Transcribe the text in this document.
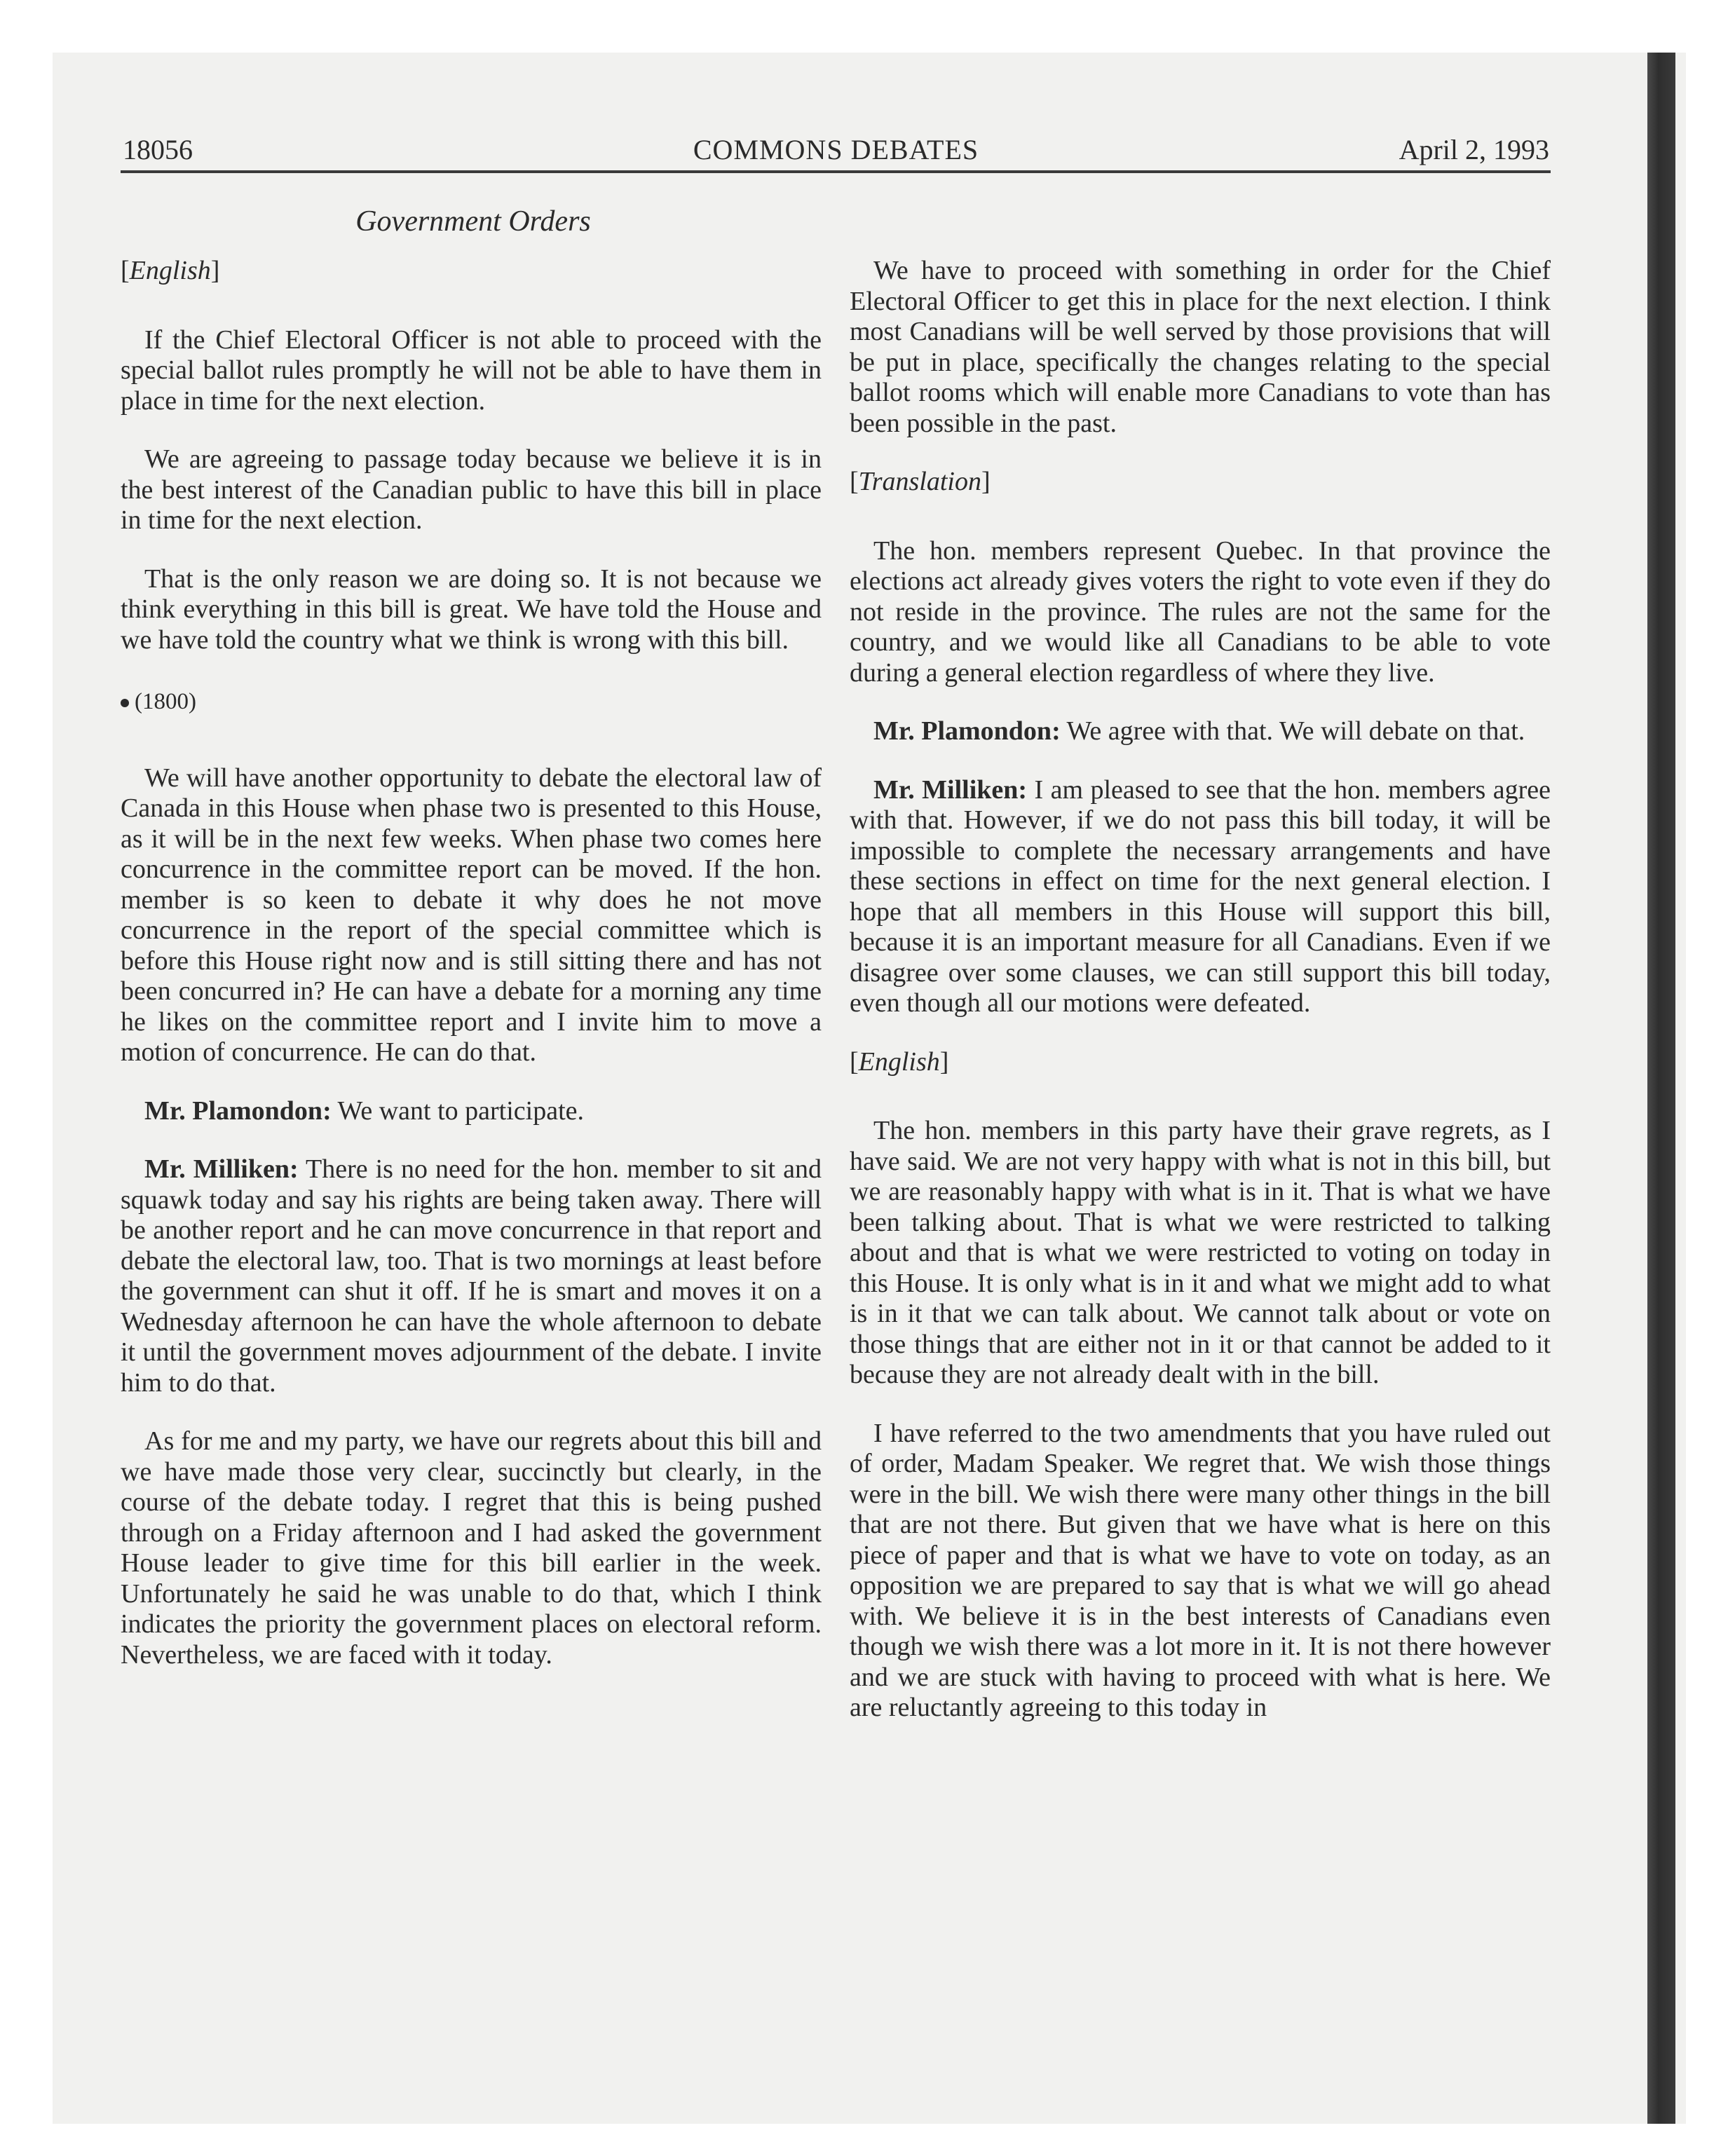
18056	COMMONS DEBATES	April 2, 1993
Government Orders

[English]

If the Chief Electoral Officer is not able to proceed with the special ballot rules promptly he will not be able to have them in place in time for the next election.

We are agreeing to passage today because we believe it is in the best interest of the Canadian public to have this bill in place in time for the next election.

That is the only reason we are doing so. It is not because we think everything in this bill is great. We have told the House and we have told the country what we think is wrong with this bill.

(1800)

We will have another opportunity to debate the electoral law of Canada in this House when phase two is presented to this House, as it will be in the next few weeks. When phase two comes here concurrence in the committee report can be moved. If the hon. member is so keen to debate it why does he not move concurrence in the report of the special committee which is before this House right now and is still sitting there and has not been concurred in? He can have a debate for a morning any time he likes on the committee report and I invite him to move a motion of concurrence. He can do that.

Mr. Plamondon: We want to participate.

Mr. Milliken: There is no need for the hon. member to sit and squawk today and say his rights are being taken away. There will be another report and he can move concurrence in that report and debate the electoral law, too. That is two mornings at least before the government can shut it off. If he is smart and moves it on a Wednesday afternoon he can have the whole afternoon to debate it until the government moves adjournment of the debate. I invite him to do that.

As for me and my party, we have our regrets about this bill and we have made those very clear, succinctly but clearly, in the course of the debate today. I regret that this is being pushed through on a Friday afternoon and I had asked the government House leader to give time for this bill earlier in the week. Unfortunately he said he was unable to do that, which I think indicates the priority the government places on electoral reform. Nevertheless, we are faced with it today.

We have to proceed with something in order for the Chief Electoral Officer to get this in place for the next election. I think most Canadians will be well served by those provisions that will be put in place, specifically the changes relating to the special ballot rooms which will enable more Canadians to vote than has been possible in the past.

[Translation]

The hon. members represent Quebec. In that province the elections act already gives voters the right to vote even if they do not reside in the province. The rules are not the same for the country, and we would like all Canadians to be able to vote during a general election regardless of where they live.

Mr. Plamondon: We agree with that. We will debate on that.

Mr. Milliken: I am pleased to see that the hon. members agree with that. However, if we do not pass this bill today, it will be impossible to complete the necessary arrangements and have these sections in effect on time for the next general election. I hope that all members in this House will support this bill, because it is an important measure for all Canadians. Even if we disagree over some clauses, we can still support this bill today, even though all our motions were defeated.

[English]

The hon. members in this party have their grave regrets, as I have said. We are not very happy with what is not in this bill, but we are reasonably happy with what is in it. That is what we have been talking about. That is what we were restricted to talking about and that is what we were restricted to voting on today in this House. It is only what is in it and what we might add to what is in it that we can talk about. We cannot talk about or vote on those things that are either not in it or that cannot be added to it because they are not already dealt with in the bill.

I have referred to the two amendments that you have ruled out of order, Madam Speaker. We regret that. We wish those things were in the bill. We wish there were many other things in the bill that are not there. But given that we have what is here on this piece of paper and that is what we have to vote on today, as an opposition we are prepared to say that is what we will go ahead with. We believe it is in the best interests of Canadians even though we wish there was a lot more in it. It is not there however and we are stuck with having to proceed with what is here. We are reluctantly agreeing to this today in
